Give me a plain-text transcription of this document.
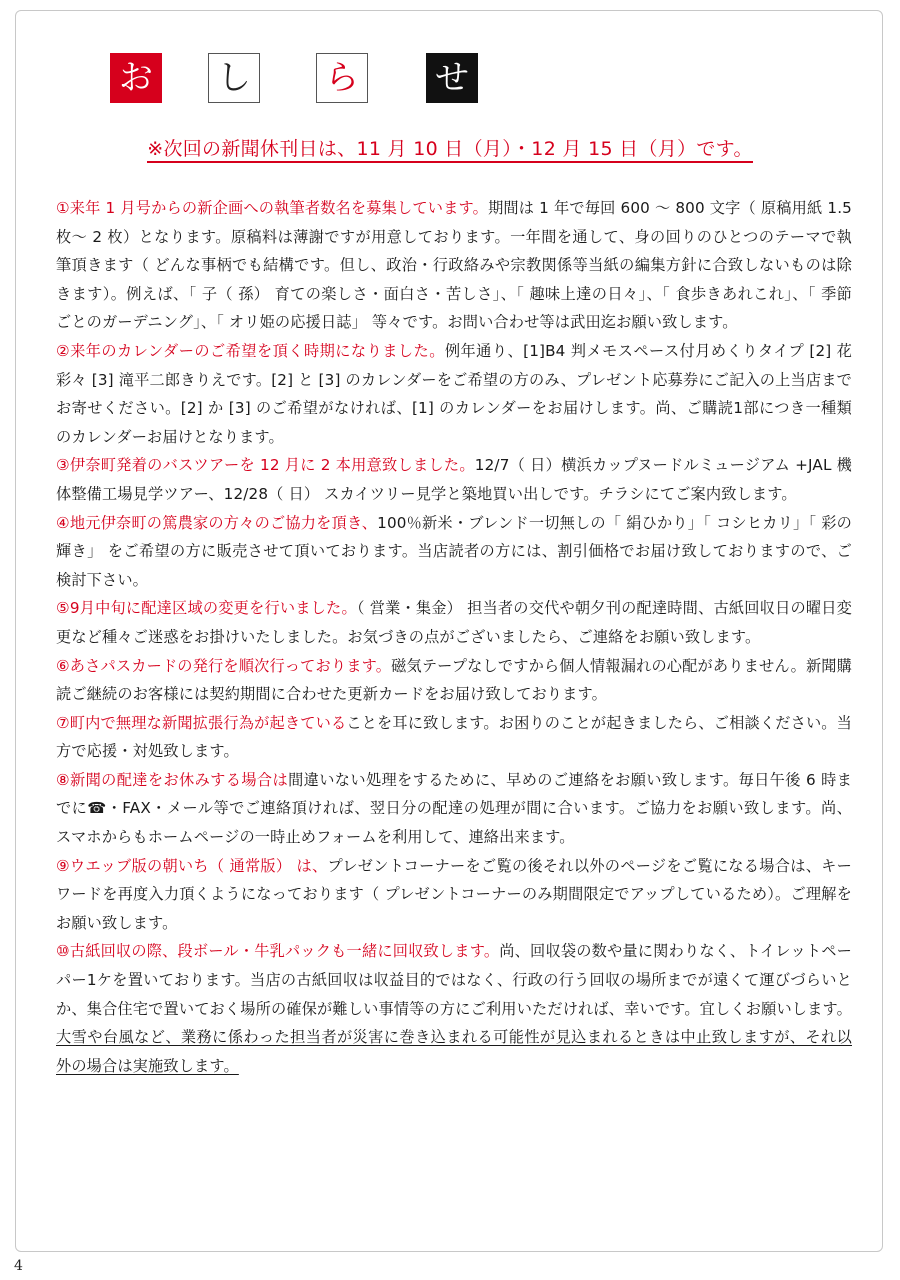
お し ら せ
※次回の新聞休刊日は、11 月 10 日（月）・12 月 15 日（月）です。

①来年 1 月号からの新企画への執筆者数名を募集しています。期間は 1 年で毎回 600 ～ 800 文字（ 原稿用紙 1.5 枚～ 2 枚）となります。原稿料は薄謝ですが用意しております。一年間を通して、身の回りのひとつのテーマで執筆頂きます（ どんな事柄でも結構です。但し、政治・行政絡みや宗教関係等当紙の編集方針に合致しないものは除きます）。例えば、「 子（ 孫） 育ての楽しさ・面白さ・苦しさ」、「 趣味上達の日々」、「 食歩きあれこれ」、「 季節ごとのガーデニング」、「 オリ姫の応援日誌」 等々です。お問い合わせ等は武田迄お願い致します。

②来年のカレンダーのご希望を頂く時期になりました。例年通り、[1]B4 判メモスペース付月めくりタイプ [2] 花彩々 [3] 滝平二郎きりえです。[2] と [3] のカレンダーをご希望の方のみ、プレゼント応募券にご記入の上当店までお寄せください。[2] か [3] のご希望がなければ、[1] のカレンダーをお届けします。尚、ご購読1部につき一種類のカレンダーお届けとなります。

③伊奈町発着のバスツアーを 12 月に 2 本用意致しました。12/7（ 日）横浜カップヌードルミュージアム +JAL 機体整備工場見学ツアー、12/28（ 日） スカイツリー見学と築地買い出しです。チラシにてご案内致します。

④地元伊奈町の篤農家の方々のご協力を頂き、100％新米・ブレンド一切無しの「 絹ひかり」「 コシヒカリ」「 彩の輝き」 をご希望の方に販売させて頂いております。当店読者の方には、割引価格でお届け致しておりますので、ご検討下さい。

⑤9月中旬に配達区域の変更を行いました。（ 営業・集金） 担当者の交代や朝夕刊の配達時間、古紙回収日の曜日変更など種々ご迷惑をお掛けいたしました。お気づきの点がございましたら、ご連絡をお願い致します。

⑥あさパスカードの発行を順次行っております。磁気テープなしですから個人情報漏れの心配がありません。新聞購読ご継続のお客様には契約期間に合わせた更新カードをお届け致しております。

⑦町内で無理な新聞拡張行為が起きていることを耳に致します。お困りのことが起きましたら、ご相談ください。当方で応援・対処致します。

⑧新聞の配達をお休みする場合は間違いない処理をするために、早めのご連絡をお願い致します。毎日午後 6 時までに☎・FAX・メール等でご連絡頂ければ、翌日分の配達の処理が間に合います。ご協力をお願い致します。尚、スマホからもホームページの一時止めフォームを利用して、連絡出来ます。

⑨ウエッブ版の朝いち（ 通常版） は、プレゼントコーナーをご覧の後それ以外のページをご覧になる場合は、キーワードを再度入力頂くようになっております（ プレゼントコーナーのみ期間限定でアップしているため）。ご理解をお願い致します。

⑩古紙回収の際、段ボール・牛乳パックも一緒に回収致します。尚、回収袋の数や量に関わりなく、トイレットペーパー1ケを置いております。当店の古紙回収は収益目的ではなく、行政の行う回収の場所までが遠くて運びづらいとか、集合住宅で置いておく場所の確保が難しい事情等の方にご利用いただければ、幸いです。宜しくお願いします。大雪や台風など、業務に係わった担当者が災害に巻き込まれる可能性が見込まれるときは中止致しますが、それ以外の場合は実施致します。

4
